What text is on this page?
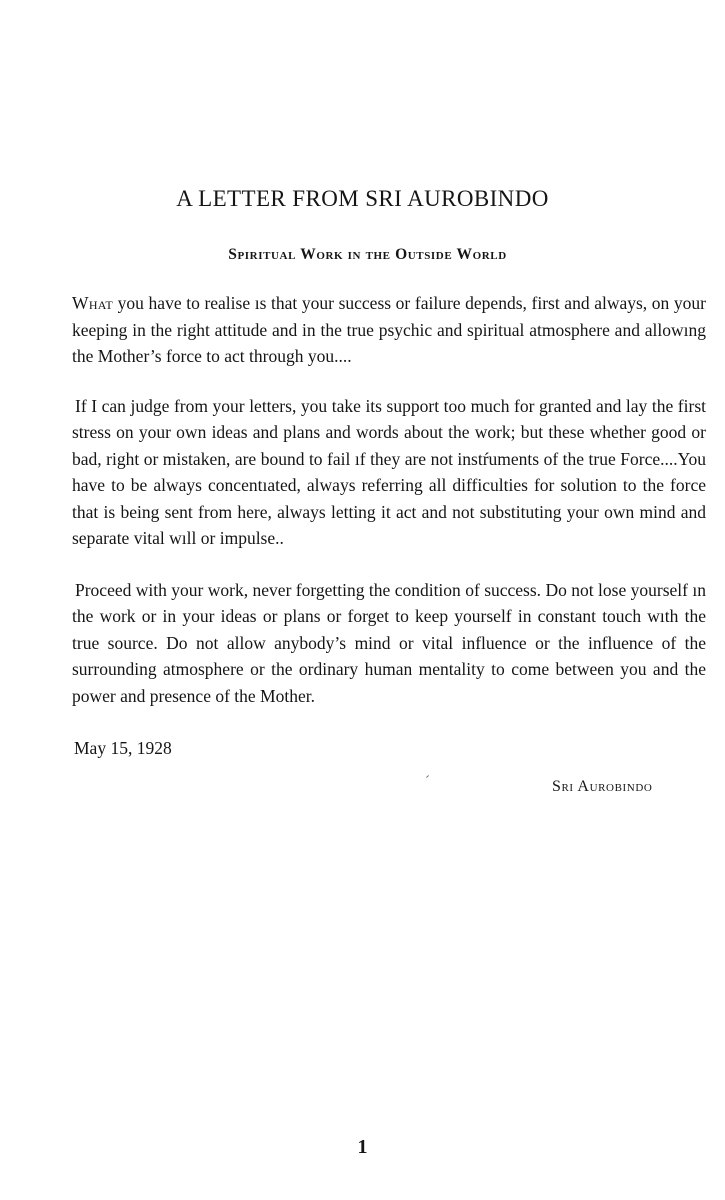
A LETTER FROM SRI AUROBINDO
Spiritual Work in the Outside World

What you have to realise ıs that your success or failure depends, first and always, on your keeping in the right attitude and in the true psychic and spiritual atmosphere and allowıng the Mother’s force to act through you....

If I can judge from your letters, you take its support too much for granted and lay the first stress on your own ideas and plans and words about the work; but these whether good or bad, right or mistaken, are bound to fail ıf they are not instŕuments of the true Force....You have to be always concentıated, always referring all difficulties for solution to the force that is being sent from here, always letting it act and not substituting your own mind and separate vital wıll or impulse..

Proceed with your work, never forgetting the condition of success. Do not lose yourself ın the work or in your ideas or plans or forget to keep yourself in constant touch wıth the true source. Do not allow anybody’s mind or vital influence or the influence of the surrounding atmosphere or the ordinary human mentality to come between you and the power and presence of the Mother.

May 15, 1928

Sri Aurobindo

1
